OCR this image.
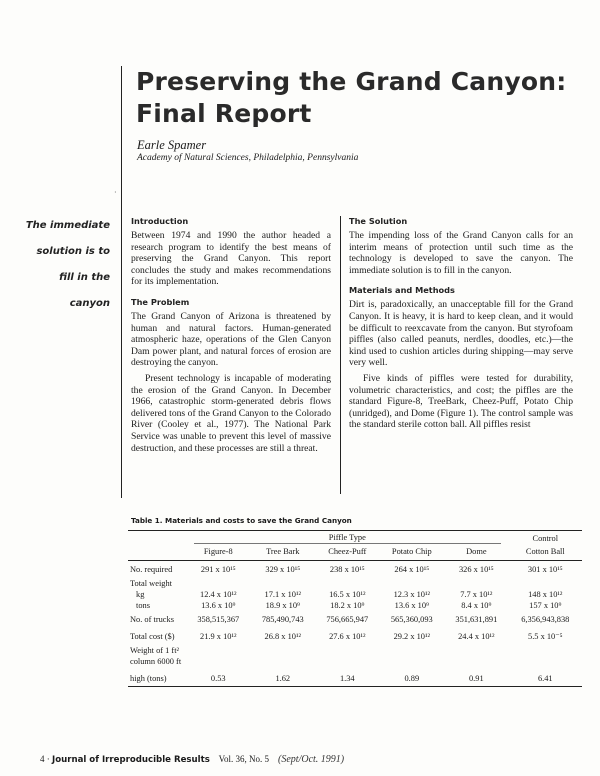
Preserving the Grand Canyon:
Final Report
Earle Spamer
Academy of Natural Sciences, Philadelphia, Pennsylvania
·
The immediate
solution is to
fill in the
canyon
Introduction

Between 1974 and 1990 the author headed a research program to identify the best means of preserving the Grand Canyon. This report concludes the study and makes recommendations for its implementation.

The Problem

The Grand Canyon of Arizona is threatened by human and natural factors. Human-generated atmospheric haze, operations of the Glen Canyon Dam power plant, and natural forces of erosion are destroying the canyon.

Present technology is incapable of moderating the erosion of the Grand Canyon. In December 1966, catastrophic storm-generated debris flows delivered tons of the Grand Canyon to the Colorado River (Cooley et al., 1977). The National Park Service was unable to prevent this level of massive destruction, and these processes are still a threat.

The Solution

The impending loss of the Grand Canyon calls for an interim means of protection until such time as the technology is developed to save the canyon. The immediate solution is to fill in the canyon.

Materials and Methods

Dirt is, paradoxically, an unacceptable fill for the Grand Canyon. It is heavy, it is hard to keep clean, and it would be difficult to reexcavate from the canyon. But styrofoam piffles (also called peanuts, nerdles, doodles, etc.)—the kind used to cushion articles during shipping—may serve very well.

Five kinds of piffles were tested for durability, volumetric characteristics, and cost; the piffles are the standard Figure-8, TreeBark, Cheez-Puff, Potato Chip (unridged), and Dome (Figure 1). The control sample was the standard sterile cotton ball. All piffles resist

Table 1. Materials and costs to save the Grand Canyon

	Piffle Type					Control
	Figure-8	Tree Bark	Cheez-Puff	Potato Chip	Dome	Cotton Ball
No. required	291 x 10¹⁵	329 x 10¹⁵	238 x 10¹⁵	264 x 10¹⁵	326 x 10¹⁵	301 x 10¹⁵
Total weight						
kg	12.4 x 10¹²	17.1 x 10¹²	16.5 x 10¹²	12.3 x 10¹²	7.7 x 10¹²	148 x 10¹²
tons	13.6 x 10⁹	18.9 x 10⁹	18.2 x 10⁹	13.6 x 10⁹	8.4 x 10⁹	157 x 10⁹
No. of trucks	358,515,367	785,490,743	756,665,947	565,360,093	351,631,891	6,356,943,838
Total cost ($)	21.9 x 10¹²	26.8 x 10¹²	27.6 x 10¹²	29.2 x 10¹²	24.4 x 10¹²	5.5 x 10⁻⁵
Weight of 1 ft²						
column 6000 ft						
high (tons)	0.53	1.62	1.34	0.89	0.91	6.41
4 · Journal of Irreproducible Results Vol. 36, No. 5 (Sept/Oct. 1991)
